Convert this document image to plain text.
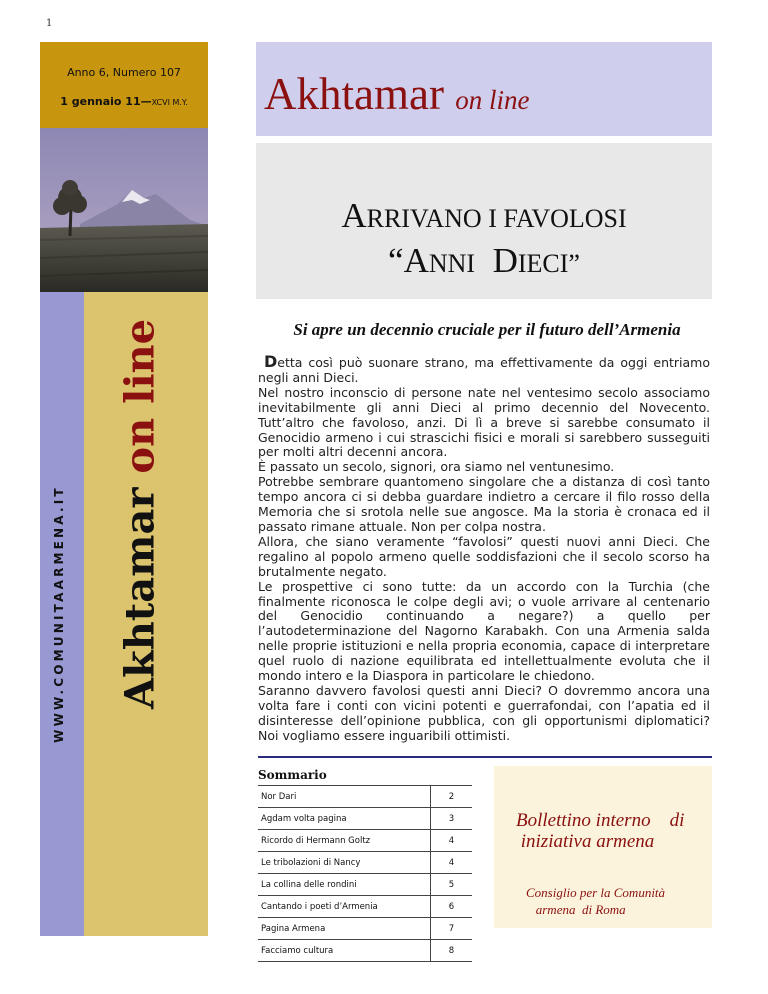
1
Anno 6, Numero 107
1 gennaio 11—XCVI M.Y.
WWW.COMUNITAARMENA.IT Akhtamar on line
Akhtamar on line
ARRIVANO I FAVOLOSI
“ANNI DIECI”
Si apre un decennio cruciale per il futuro dell’Armenia

Detta così può suonare strano, ma effettivamente da oggi entriamo negli anni Dieci.

Nel nostro inconscio di persone nate nel ventesimo secolo associamo inevitabilmente gli anni Dieci al primo decennio del Novecento. Tutt’altro che favoloso, anzi. Di lì a breve si sarebbe consumato il Genocidio armeno i cui strascichi fisici e morali si sarebbero susseguiti per molti altri decenni ancora.

È passato un secolo, signori, ora siamo nel ventunesimo.

Potrebbe sembrare quantomeno singolare che a distanza di così tanto tempo ancora ci si debba guardare indietro a cercare il filo rosso della Memoria che si srotola nelle sue angosce. Ma la storia è cronaca ed il passato rimane attuale. Non per colpa nostra.

Allora, che siano veramente “favolosi” questi nuovi anni Dieci. Che regalino al popolo armeno quelle soddisfazioni che il secolo scorso ha brutalmente negato.

Le prospettive ci sono tutte: da un accordo con la Turchia (che finalmente riconosca le colpe degli avi; o vuole arrivare al centenario del Genocidio continuando a negare?) a quello per l’autodeterminazione del Nagorno Karabakh. Con una Armenia salda nelle proprie istituzioni e nella propria economia, capace di interpretare quel ruolo di nazione equilibrata ed intellettualmente evoluta che il mondo intero e la Diaspora in particolare le chiedono.

Saranno davvero favolosi questi anni Dieci? O dovremmo ancora una volta fare i conti con vicini potenti e guerrafondai, con l’apatia ed il disinteresse dell’opinione pubblica, con gli opportunismi diplomatici? Noi vogliamo essere inguaribili ottimisti.

Sommario
Nor Dari	2
Agdam volta pagina	3
Ricordo di Hermann Goltz	4
Le tribolazioni di Nancy	4
La collina delle rondini	5
Cantando i poeti d’Armenia	6
Pagina Armena	7
Facciamo cultura	8
Bollettino interno    di
iniziativa armena
Consiglio per la Comunità
armena  di Roma
